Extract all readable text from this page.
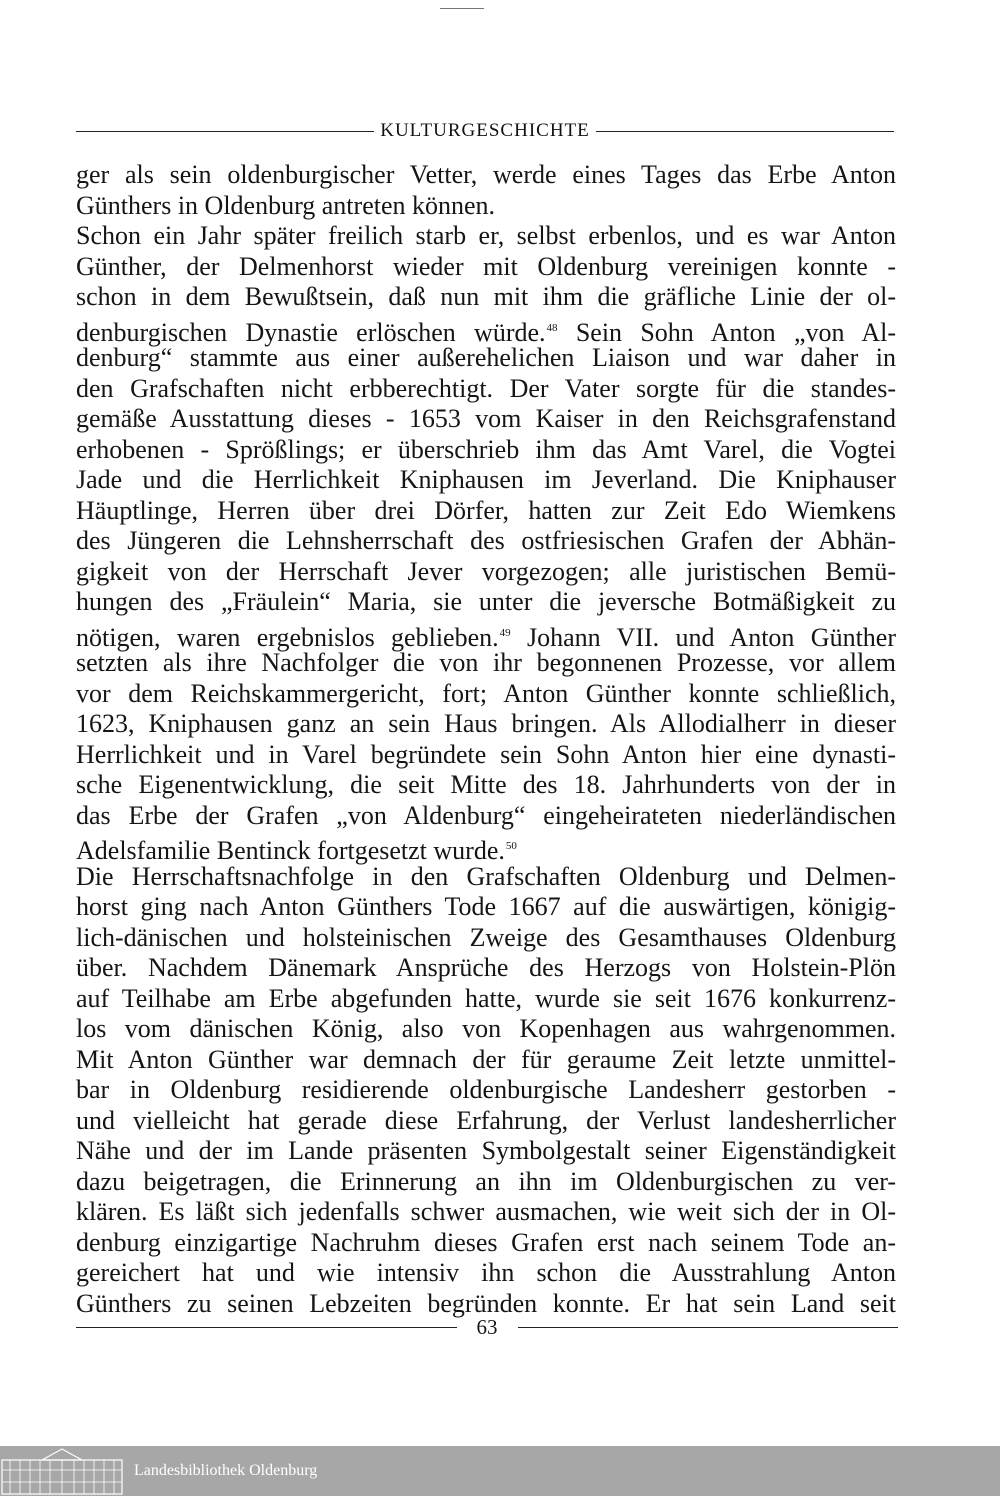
KULTURGESCHICHTE
ger als sein oldenburgischer Vetter, werde eines Tages das Erbe Anton
Günthers in Oldenburg antreten können.
Schon ein Jahr später freilich starb er, selbst erbenlos, und es war Anton
Günther, der Delmenhorst wieder mit Oldenburg vereinigen konnte -
schon in dem Bewußtsein, daß nun mit ihm die gräfliche Linie der ol-
denburgischen Dynastie erlöschen würde.$^{48}$ Sein Sohn Anton „von Al-
denburg“ stammte aus einer außerehelichen Liaison und war daher in
den Grafschaften nicht erbberechtigt. Der Vater sorgte für die standes-
gemäße Ausstattung dieses - 1653 vom Kaiser in den Reichsgrafenstand
erhobenen - Sprößlings; er überschrieb ihm das Amt Varel, die Vogtei
Jade und die Herrlichkeit Kniphausen im Jeverland. Die Kniphauser
Häuptlinge, Herren über drei Dörfer, hatten zur Zeit Edo Wiemkens
des Jüngeren die Lehnsherrschaft des ostfriesischen Grafen der Abhän-
gigkeit von der Herrschaft Jever vorgezogen; alle juristischen Bemü-
hungen des „Fräulein“ Maria, sie unter die jeversche Botmäßigkeit zu
nötigen, waren ergebnislos geblieben.$^{49}$ Johann VII. und Anton Günther
setzten als ihre Nachfolger die von ihr begonnenen Prozesse, vor allem
vor dem Reichskammergericht, fort; Anton Günther konnte schließlich,
1623, Kniphausen ganz an sein Haus bringen. Als Allodialherr in dieser
Herrlichkeit und in Varel begründete sein Sohn Anton hier eine dynasti-
sche Eigenentwicklung, die seit Mitte des 18. Jahrhunderts von der in
das Erbe der Grafen „von Aldenburg“ eingeheirateten niederländischen
Adelsfamilie Bentinck fortgesetzt wurde.$^{50}$
Die Herrschaftsnachfolge in den Grafschaften Oldenburg und Delmen-
horst ging nach Anton Günthers Tode 1667 auf die auswärtigen, königig-
lich-dänischen und holsteinischen Zweige des Gesamthauses Oldenburg
über. Nachdem Dänemark Ansprüche des Herzogs von Holstein-Plön
auf Teilhabe am Erbe abgefunden hatte, wurde sie seit 1676 konkurrenz-
los vom dänischen König, also von Kopenhagen aus wahrgenommen.
Mit Anton Günther war demnach der für geraume Zeit letzte unmittel-
bar in Oldenburg residierende oldenburgische Landesherr gestorben -
und vielleicht hat gerade diese Erfahrung, der Verlust landesherrlicher
Nähe und der im Lande präsenten Symbolgestalt seiner Eigenständigkeit
dazu beigetragen, die Erinnerung an ihn im Oldenburgischen zu ver-
klären. Es läßt sich jedenfalls schwer ausmachen, wie weit sich der in Ol-
denburg einzigartige Nachruhm dieses Grafen erst nach seinem Tode an-
gereichert hat und wie intensiv ihn schon die Ausstrahlung Anton
Günthers zu seinen Lebzeiten begründen konnte. Er hat sein Land seit
63
Landesbibliothek Oldenburg
